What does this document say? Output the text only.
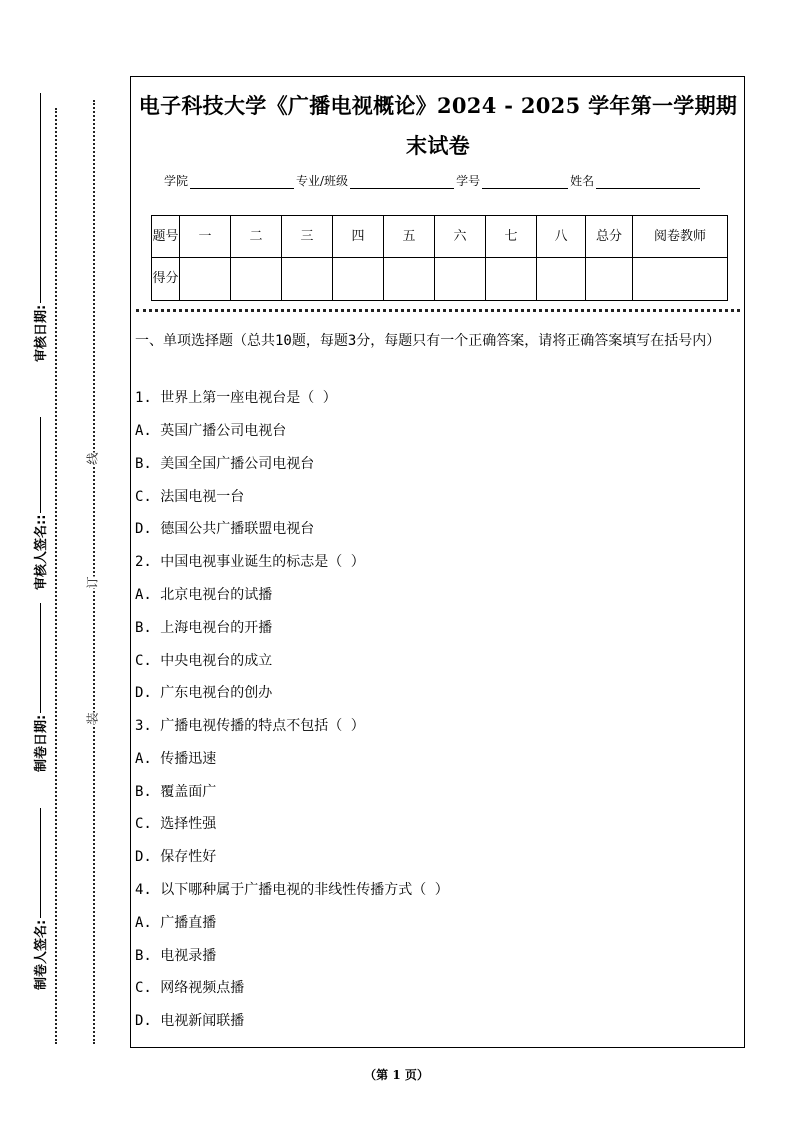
审核日期:
审核人签名::
制卷日期:
制卷人签名:
线
订
装
电子科技大学《广播电视概论》2024 - 2025 学年第一学期期末试卷
学院	专业/班级	学号	姓名
题号	一	二	三	四	五	六	七	八	总分	阅卷教师
得分										
一、单项选择题（总共10题，每题3分，每题只有一个正确答案，请将正确答案填写在括号内）
1. 世界上第一座电视台是（ ）
A. 英国广播公司电视台
B. 美国全国广播公司电视台
C. 法国电视一台
D. 德国公共广播联盟电视台
2. 中国电视事业诞生的标志是（ ）
A. 北京电视台的试播
B. 上海电视台的开播
C. 中央电视台的成立
D. 广东电视台的创办
3. 广播电视传播的特点不包括（ ）
A. 传播迅速
B. 覆盖面广
C. 选择性强
D. 保存性好
4. 以下哪种属于广播电视的非线性传播方式（ ）
A. 广播直播
B. 电视录播
C. 网络视频点播
D. 电视新闻联播
（第 1 页）
